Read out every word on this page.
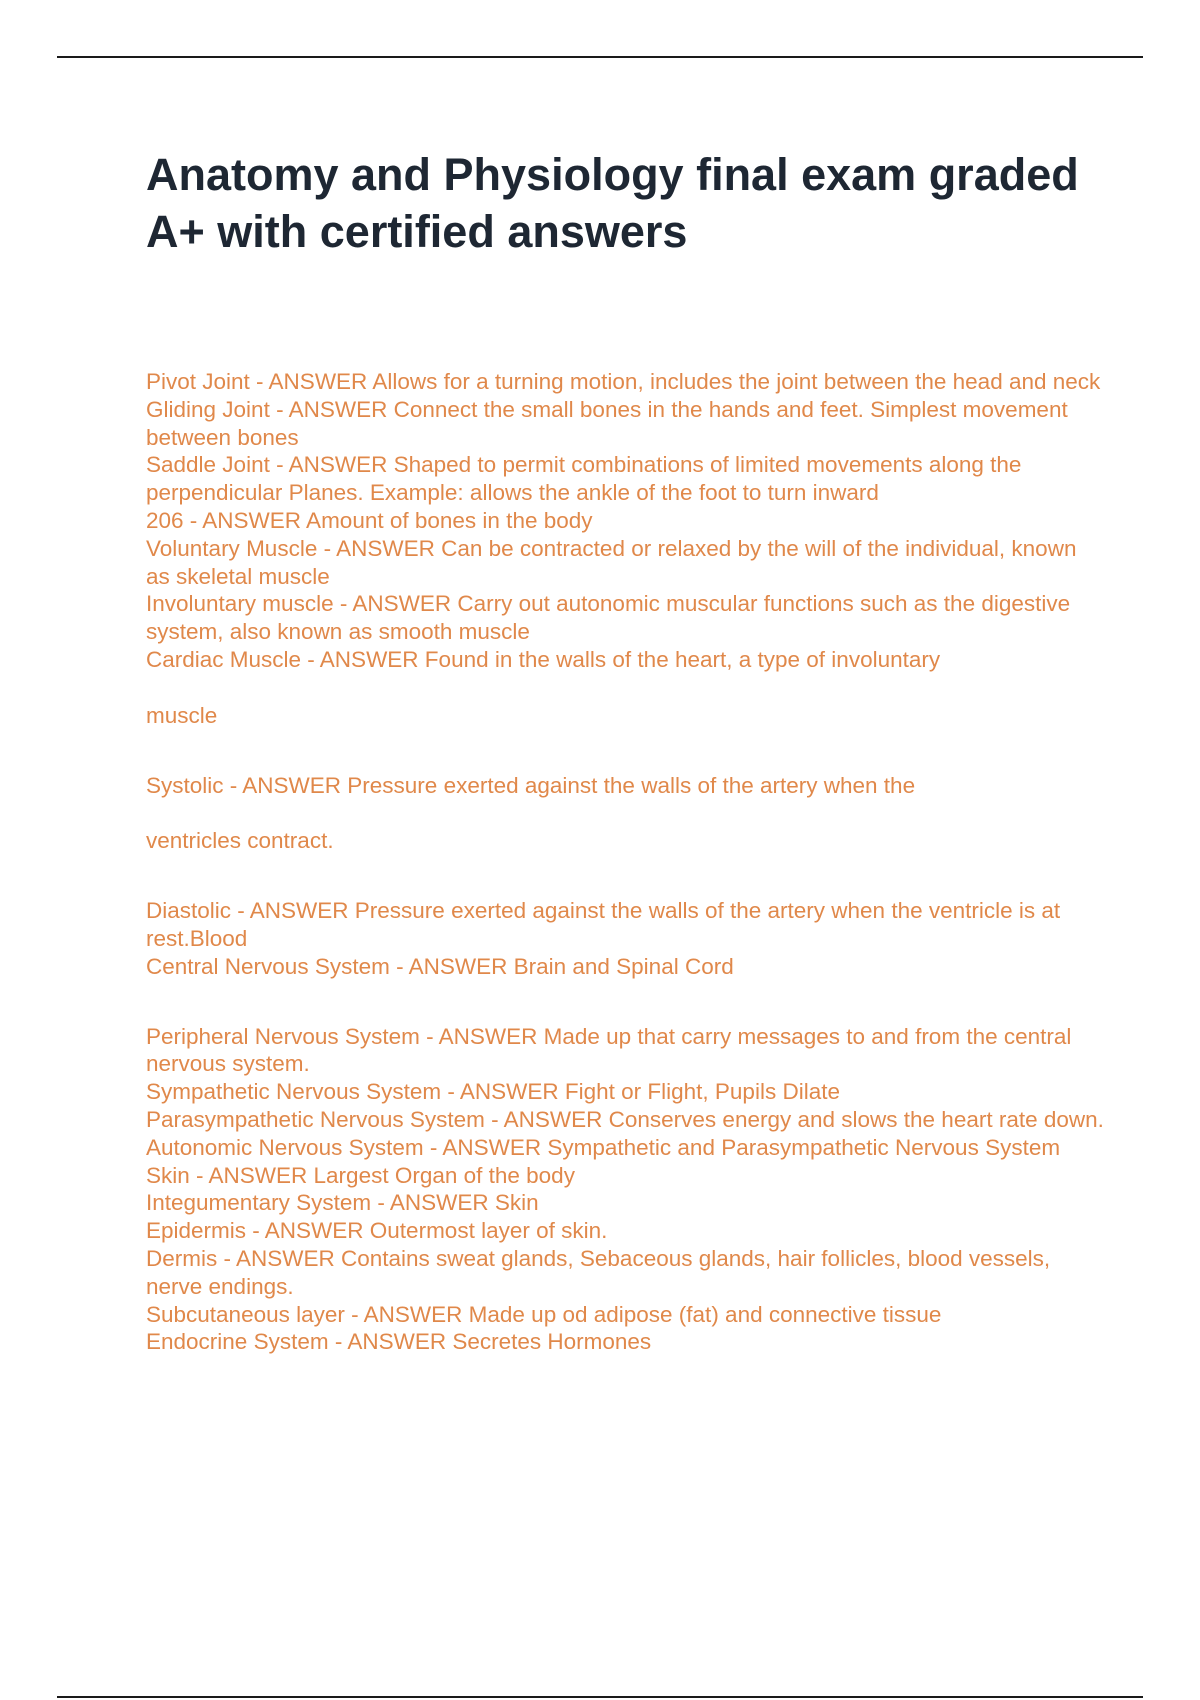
Anatomy and Physiology final exam graded A+ with certified answers

Pivot Joint - ANSWER Allows for a turning motion, includes the joint between the head and neck

Gliding Joint - ANSWER Connect the small bones in the hands and feet. Simplest movement between bones

Saddle Joint - ANSWER Shaped to permit combinations of limited movements along the perpendicular Planes. Example: allows the ankle of the foot to turn inward

206 - ANSWER Amount of bones in the body

Voluntary Muscle - ANSWER Can be contracted or relaxed by the will of the individual, known as skeletal muscle

Involuntary muscle - ANSWER Carry out autonomic muscular functions such as the digestive system, also known as smooth muscle

Cardiac Muscle - ANSWER Found in the walls of the heart, a type of involuntary

muscle

Systolic - ANSWER Pressure exerted against the walls of the artery when the

ventricles contract.

Diastolic - ANSWER Pressure exerted against the walls of the artery when the ventricle is at rest.Blood

Central Nervous System - ANSWER Brain and Spinal Cord

Peripheral Nervous System - ANSWER Made up that carry messages to and from the central nervous system.

Sympathetic Nervous System - ANSWER Fight or Flight, Pupils Dilate

Parasympathetic Nervous System - ANSWER Conserves energy and slows the heart rate down.

Autonomic Nervous System - ANSWER Sympathetic and Parasympathetic Nervous System

Skin - ANSWER Largest Organ of the body

Integumentary System - ANSWER Skin

Epidermis - ANSWER Outermost layer of skin.

Dermis - ANSWER Contains sweat glands, Sebaceous glands, hair follicles, blood vessels, nerve endings.

Subcutaneous layer - ANSWER Made up od adipose (fat) and connective tissue

Endocrine System - ANSWER Secretes Hormones
